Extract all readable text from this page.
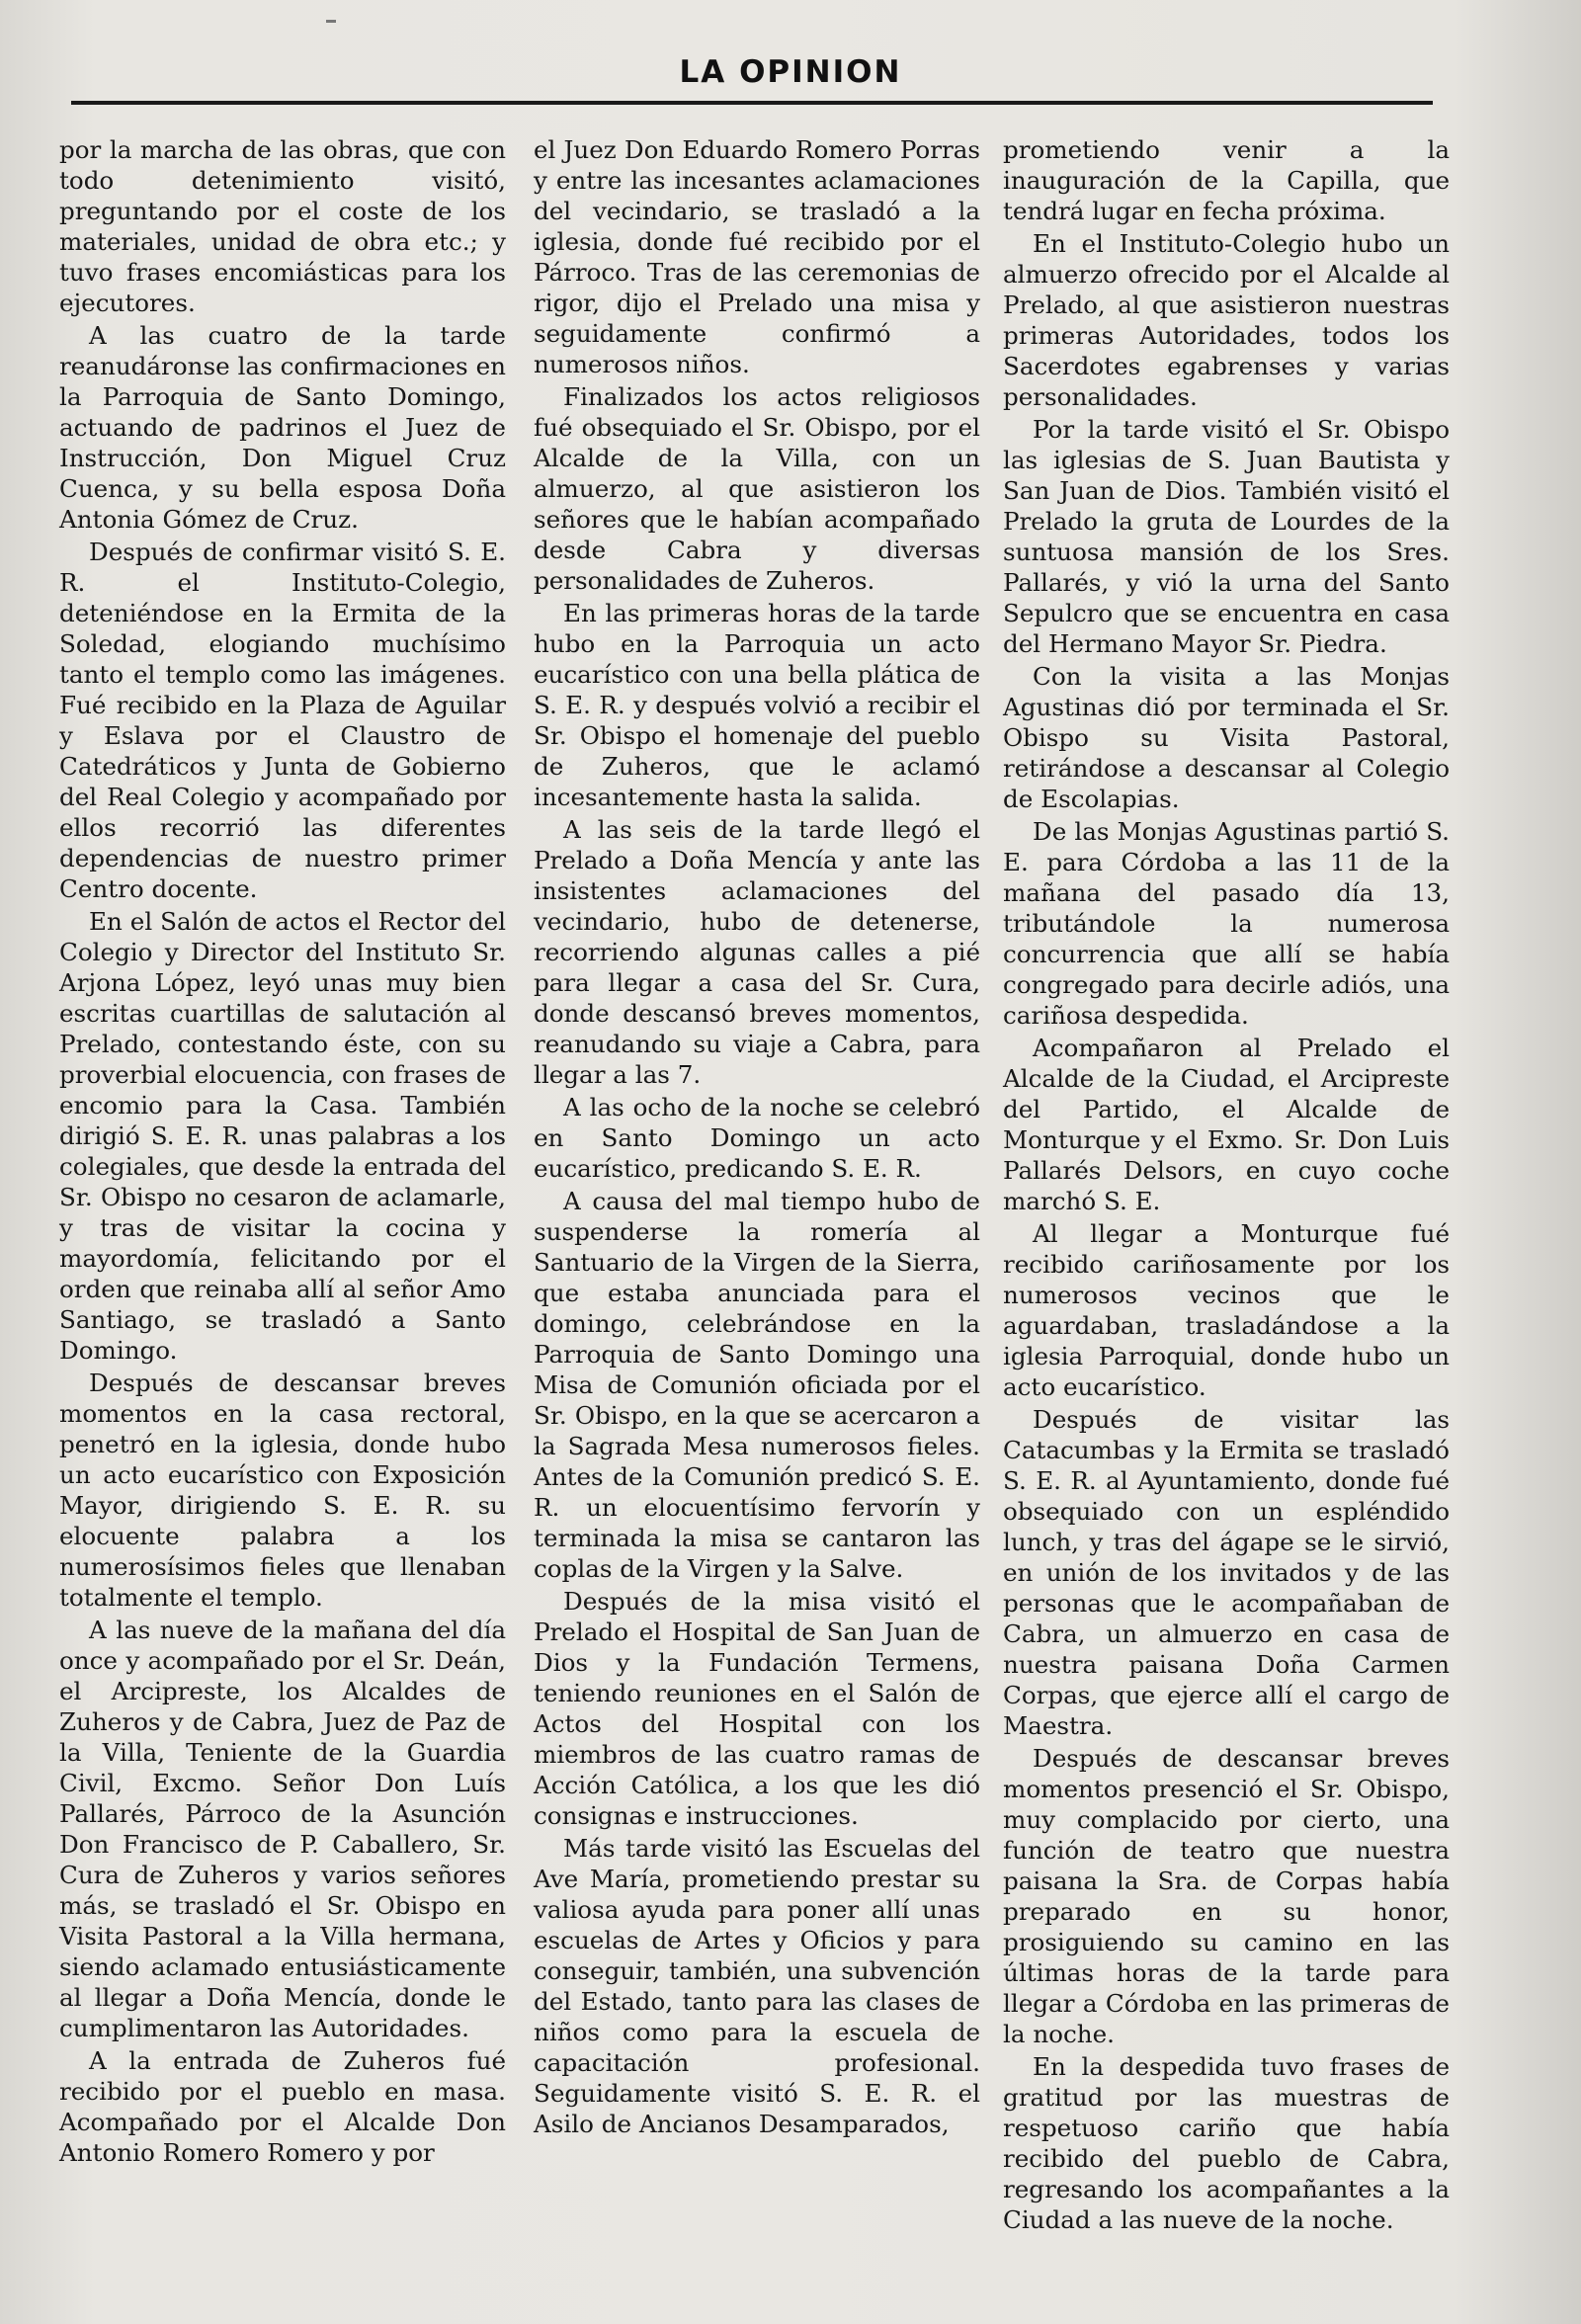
LA OPINION

por la marcha de las obras, que con todo detenimiento visitó, preguntando por el coste de los materiales, unidad de obra etc.; y tuvo frases encomiásticas para los ejecutores.

A las cuatro de la tarde reanudáronse las confirmaciones en la Parroquia de Santo Domingo, actuando de padrinos el Juez de Instrucción, Don Miguel Cruz Cuenca, y su bella esposa Doña Antonia Gómez de Cruz.

Después de confirmar visitó S. E. R. el Instituto-Colegio, deteniéndose en la Ermita de la Soledad, elogiando muchísimo tanto el templo como las imágenes. Fué recibido en la Plaza de Aguilar y Eslava por el Claustro de Catedráticos y Junta de Gobierno del Real Colegio y acompañado por ellos recorrió las diferentes dependencias de nuestro primer Centro docente.

En el Salón de actos el Rector del Colegio y Director del Instituto Sr. Arjona López, leyó unas muy bien escritas cuartillas de salutación al Prelado, contestando éste, con su proverbial elocuencia, con frases de encomio para la Casa. También dirigió S. E. R. unas palabras a los colegiales, que desde la entrada del Sr. Obispo no cesaron de aclamarle, y tras de visitar la cocina y mayordomía, felicitando por el orden que reinaba allí al señor Amo Santiago, se trasladó a Santo Domingo.

Después de descansar breves momentos en la casa rectoral, penetró en la iglesia, donde hubo un acto eucarístico con Exposición Mayor, dirigiendo S. E. R. su elocuente palabra a los numerosísimos fieles que llenaban totalmente el templo.

A las nueve de la mañana del día once y acompañado por el Sr. Deán, el Arcipreste, los Alcaldes de Zuheros y de Cabra, Juez de Paz de la Villa, Teniente de la Guardia Civil, Excmo. Señor Don Luís Pallarés, Párroco de la Asunción Don Francisco de P. Caballero, Sr. Cura de Zuheros y varios señores más, se trasladó el Sr. Obispo en Visita Pastoral a la Villa hermana, siendo aclamado entusiásticamente al llegar a Doña Mencía, donde le cumplimentaron las Autoridades.

A la entrada de Zuheros fué recibido por el pueblo en masa. Acompañado por el Alcalde Don Antonio Romero Romero y por

el Juez Don Eduardo Romero Porras y entre las incesantes aclamaciones del vecindario, se trasladó a la iglesia, donde fué recibido por el Párroco. Tras de las ceremonias de rigor, dijo el Prelado una misa y seguidamente confirmó a numerosos niños.

Finalizados los actos religiosos fué obsequiado el Sr. Obispo, por el Alcalde de la Villa, con un almuerzo, al que asistieron los señores que le habían acompañado desde Cabra y diversas personalidades de Zuheros.

En las primeras horas de la tarde hubo en la Parroquia un acto eucarístico con una bella plática de S. E. R. y después volvió a recibir el Sr. Obispo el homenaje del pueblo de Zuheros, que le aclamó incesantemente hasta la salida.

A las seis de la tarde llegó el Prelado a Doña Mencía y ante las insistentes aclamaciones del vecindario, hubo de detenerse, recorriendo algunas calles a pié para llegar a casa del Sr. Cura, donde descansó breves momentos, reanudando su viaje a Cabra, para llegar a las 7.

A las ocho de la noche se celebró en Santo Domingo un acto eucarístico, predicando S. E. R.

A causa del mal tiempo hubo de suspenderse la romería al Santuario de la Virgen de la Sierra, que estaba anunciada para el domingo, celebrándose en la Parroquia de Santo Domingo una Misa de Comunión oficiada por el Sr. Obispo, en la que se acercaron a la Sagrada Mesa numerosos fieles. Antes de la Comunión predicó S. E. R. un elocuentísimo fervorín y terminada la misa se cantaron las coplas de la Virgen y la Salve.

Después de la misa visitó el Prelado el Hospital de San Juan de Dios y la Fundación Termens, teniendo reuniones en el Salón de Actos del Hospital con los miembros de las cuatro ramas de Acción Católica, a los que les dió consignas e instrucciones.

Más tarde visitó las Escuelas del Ave María, prometiendo prestar su valiosa ayuda para poner allí unas escuelas de Artes y Oficios y para conseguir, también, una subvención del Estado, tanto para las clases de niños como para la escuela de capacitación profesional. Seguidamente visitó S. E. R. el Asilo de Ancianos Desamparados,

prometiendo venir a la inauguración de la Capilla, que tendrá lugar en fecha próxima.

En el Instituto-Colegio hubo un almuerzo ofrecido por el Alcalde al Prelado, al que asistieron nuestras primeras Autoridades, todos los Sacerdotes egabrenses y varias personalidades.

Por la tarde visitó el Sr. Obispo las iglesias de S. Juan Bautista y San Juan de Dios. También visitó el Prelado la gruta de Lourdes de la suntuosa mansión de los Sres. Pallarés, y vió la urna del Santo Sepulcro que se encuentra en casa del Hermano Mayor Sr. Piedra.

Con la visita a las Monjas Agustinas dió por terminada el Sr. Obispo su Visita Pastoral, retirándose a descansar al Colegio de Escolapias.

De las Monjas Agustinas partió S. E. para Córdoba a las 11 de la mañana del pasado día 13, tributándole la numerosa concurrencia que allí se había congregado para decirle adiós, una cariñosa despedida.

Acompañaron al Prelado el Alcalde de la Ciudad, el Arcipreste del Partido, el Alcalde de Monturque y el Exmo. Sr. Don Luis Pallarés Delsors, en cuyo coche marchó S. E.

Al llegar a Monturque fué recibido cariñosamente por los numerosos vecinos que le aguardaban, trasladándose a la iglesia Parroquial, donde hubo un acto eucarístico.

Después de visitar las Catacumbas y la Ermita se trasladó S. E. R. al Ayuntamiento, donde fué obsequiado con un espléndido lunch, y tras del ágape se le sirvió, en unión de los invitados y de las personas que le acompañaban de Cabra, un almuerzo en casa de nuestra paisana Doña Carmen Corpas, que ejerce allí el cargo de Maestra.

Después de descansar breves momentos presenció el Sr. Obispo, muy complacido por cierto, una función de teatro que nuestra paisana la Sra. de Corpas había preparado en su honor, prosiguiendo su camino en las últimas horas de la tarde para llegar a Córdoba en las primeras de la noche.

En la despedida tuvo frases de gratitud por las muestras de respetuoso cariño que había recibido del pueblo de Cabra, regresando los acompañantes a la Ciudad a las nueve de la noche.
